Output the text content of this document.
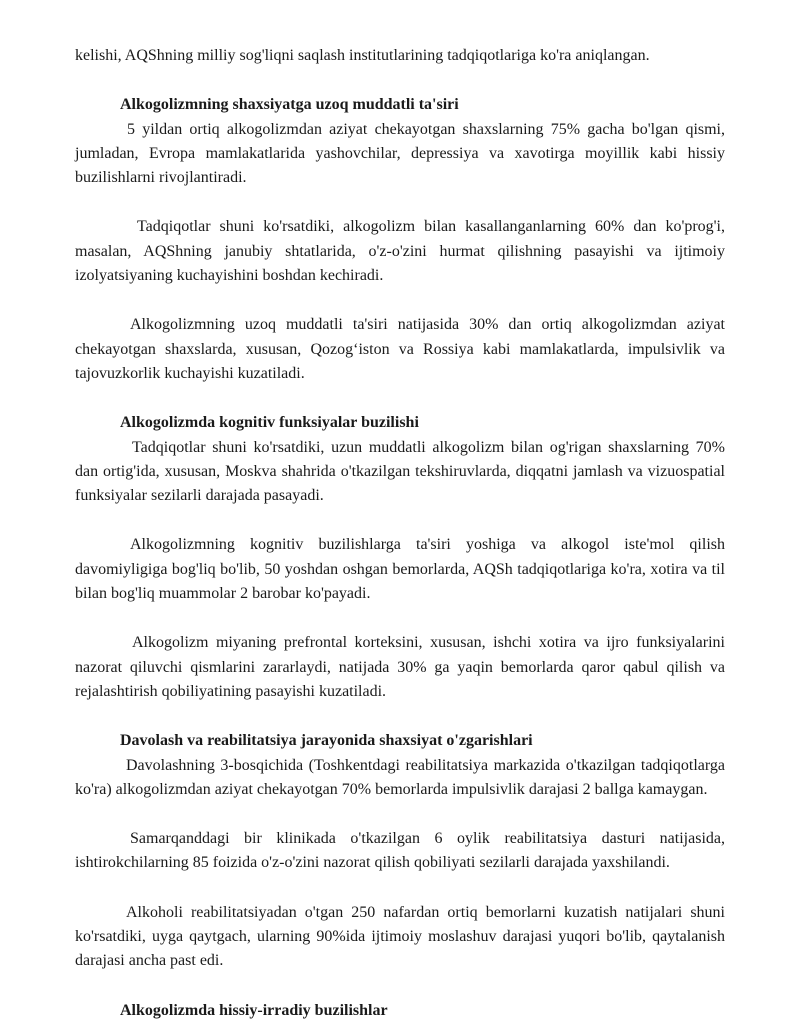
kelishi, AQShning milliy sog'liqni saqlash institutlarining tadqiqotlariga ko'ra aniqlangan.

Alkogolizmning shaxsiyatga uzoq muddatli ta'siri

5 yildan ortiq alkogolizmdan aziyat chekayotgan shaxslarning 75% gacha bo'lgan qismi, jumladan, Evropa mamlakatlarida yashovchilar, depressiya va xavotirga moyillik kabi hissiy buzilishlarni rivojlantiradi.

Tadqiqotlar shuni ko'rsatdiki, alkogolizm bilan kasallanganlarning 60% dan ko'prog'i, masalan, AQShning janubiy shtatlarida, o'z-o'zini hurmat qilishning pasayishi va ijtimoiy izolyatsiyaning kuchayishini boshdan kechiradi.

Alkogolizmning uzoq muddatli ta'siri natijasida 30% dan ortiq alkogolizmdan aziyat chekayotgan shaxslarda, xususan, Qozog‘iston va Rossiya kabi mamlakatlarda, impulsivlik va tajovuzkorlik kuchayishi kuzatiladi.

Alkogolizmda kognitiv funksiyalar buzilishi

Tadqiqotlar shuni ko'rsatdiki, uzun muddatli alkogolizm bilan og'rigan shaxslarning 70% dan ortig'ida, xususan, Moskva shahrida o'tkazilgan tekshiruvlarda, diqqatni jamlash va vizuospatial funksiyalar sezilarli darajada pasayadi.

Alkogolizmning kognitiv buzilishlarga ta'siri yoshiga va alkogol iste'mol qilish davomiyligiga bog'liq bo'lib, 50 yoshdan oshgan bemorlarda, AQSh tadqiqotlariga ko'ra, xotira va til bilan bog'liq muammolar 2 barobar ko'payadi.

Alkogolizm miyaning prefrontal korteksini, xususan, ishchi xotira va ijro funksiyalarini nazorat qiluvchi qismlarini zararlaydi, natijada 30% ga yaqin bemorlarda qaror qabul qilish va rejalashtirish qobiliyatining pasayishi kuzatiladi.

Davolash va reabilitatsiya jarayonida shaxsiyat o'zgarishlari

Davolashning 3-bosqichida (Toshkentdagi reabilitatsiya markazida o'tkazilgan tadqiqotlarga ko'ra) alkogolizmdan aziyat chekayotgan 70% bemorlarda impulsivlik darajasi 2 ballga kamaygan.

Samarqanddagi bir klinikada o'tkazilgan 6 oylik reabilitatsiya dasturi natijasida, ishtirokchilarning 85 foizida o'z-o'zini nazorat qilish qobiliyati sezilarli darajada yaxshilandi.

Alkoholi reabilitatsiyadan o'tgan 250 nafardan ortiq bemorlarni kuzatish natijalari shuni ko'rsatdiki, uyga qaytgach, ularning 90%ida ijtimoiy moslashuv darajasi yuqori bo'lib, qaytalanish darajasi ancha past edi.

Alkogolizmda hissiy-irradiy buzilishlar
